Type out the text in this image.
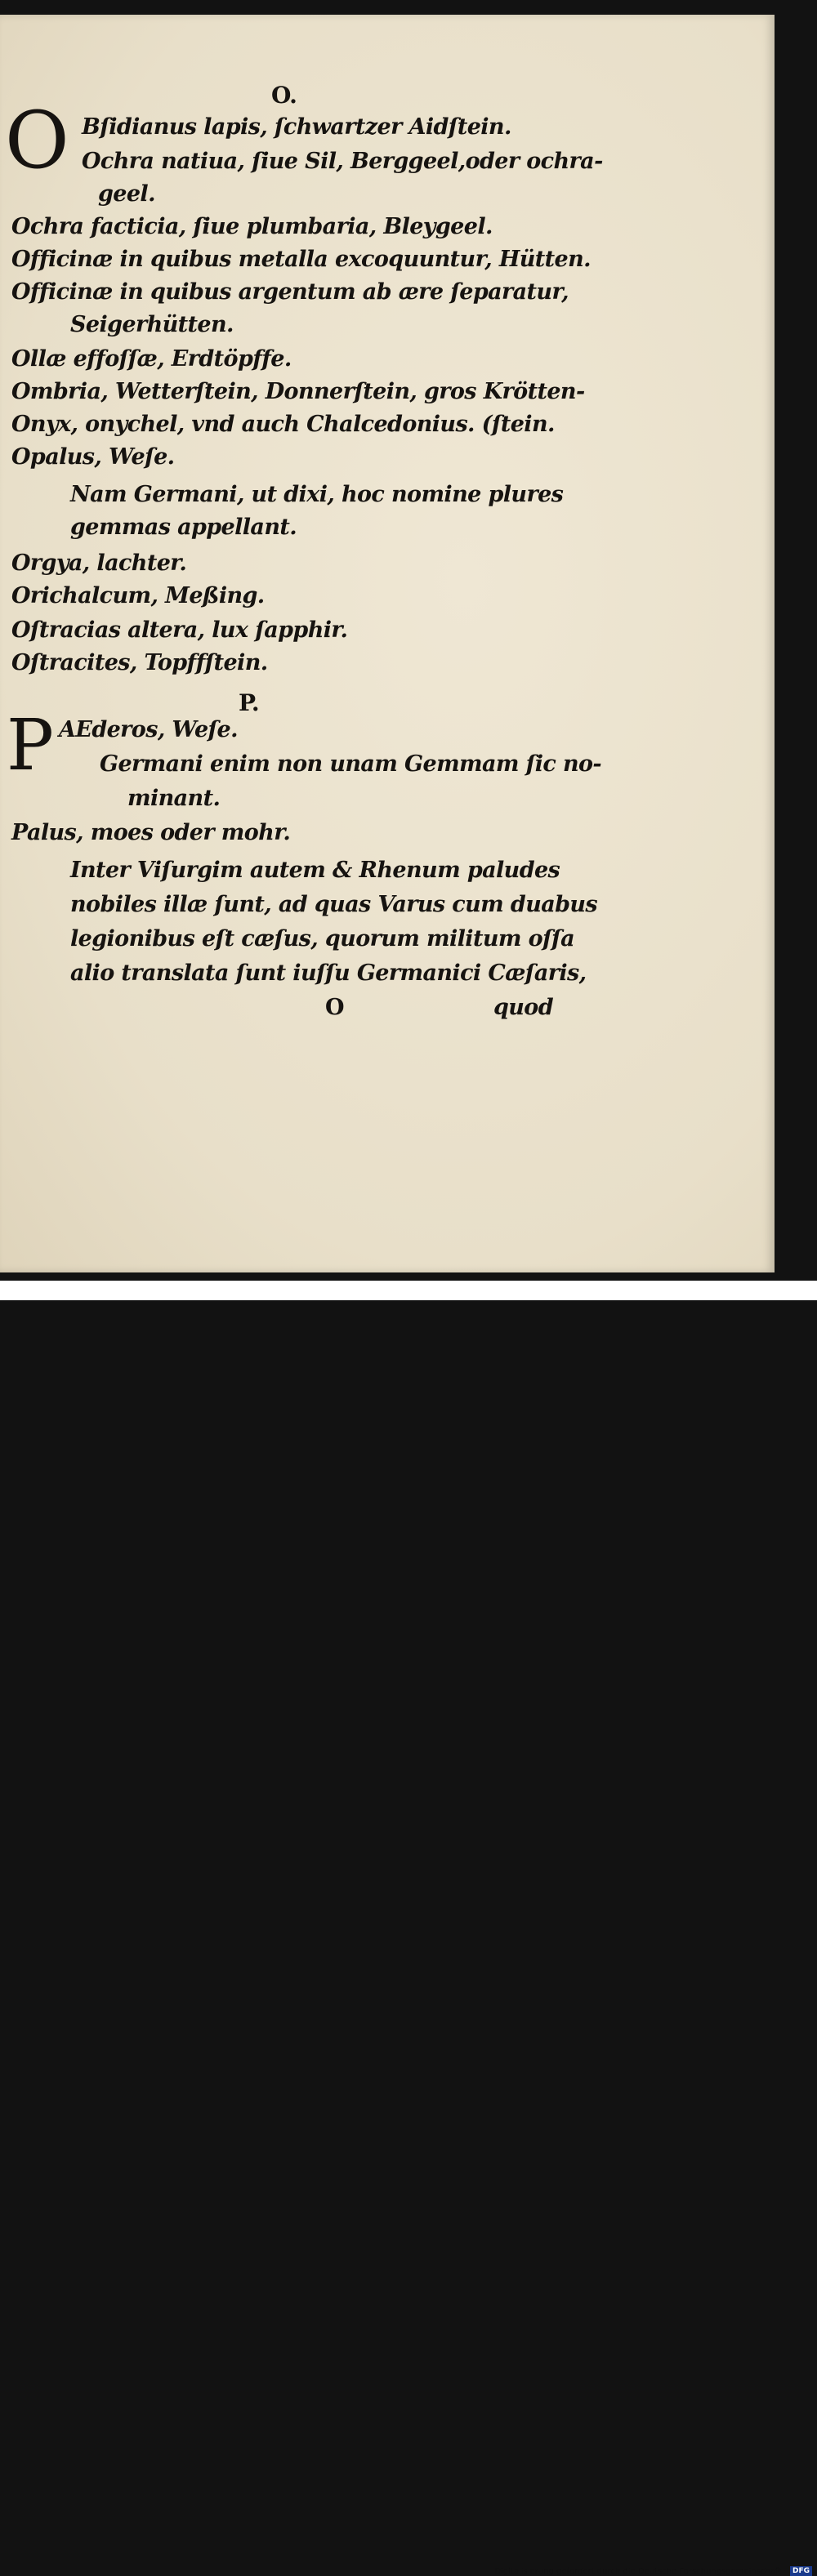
O.
O Bſidianus lapis, ſchwartzer Aidſtein.
Ochra natiua, ſiue Sil, Berggeel,oder ochra-
geel.
Ochra facticia, ſiue plumbaria, Bleygeel.
Officinæ in quibus metalla excoquuntur, Hütten.
Officinæ in quibus argentum ab ære ſeparatur,
Seigerhütten.
Ollæ effoſſæ, Erdtöpffe.
Ombria, Wetterſtein, Donnerſtein, gros Krötten-
Onyx, onychel, vnd auch Chalcedonius. (ſtein.
Opalus, Weſe.
Nam Germani, ut dixi, hoc nomine plures
gemmas appellant.
Orgya, lachter.
Orichalcum, Meßing.
Oſtracias altera, lux ſapphir.
Oſtracites, Topffſtein.
P.
P AEderos, Weſe.
Germani enim non unam Gemmam ſic no-
minant.
Palus, moes oder mohr.
Inter Viſurgim autem & Rhenum paludes
nobiles illæ ſunt, ad quas Varus cum duabus
legionibus eſt cæſus, quorum militum oſſa
alio translata ſunt iuſſu Germanici Cæſaris,
O	quod
Digitalisierung gefördert durch die Deutsche Forschungsgemeinschaft - DFG
